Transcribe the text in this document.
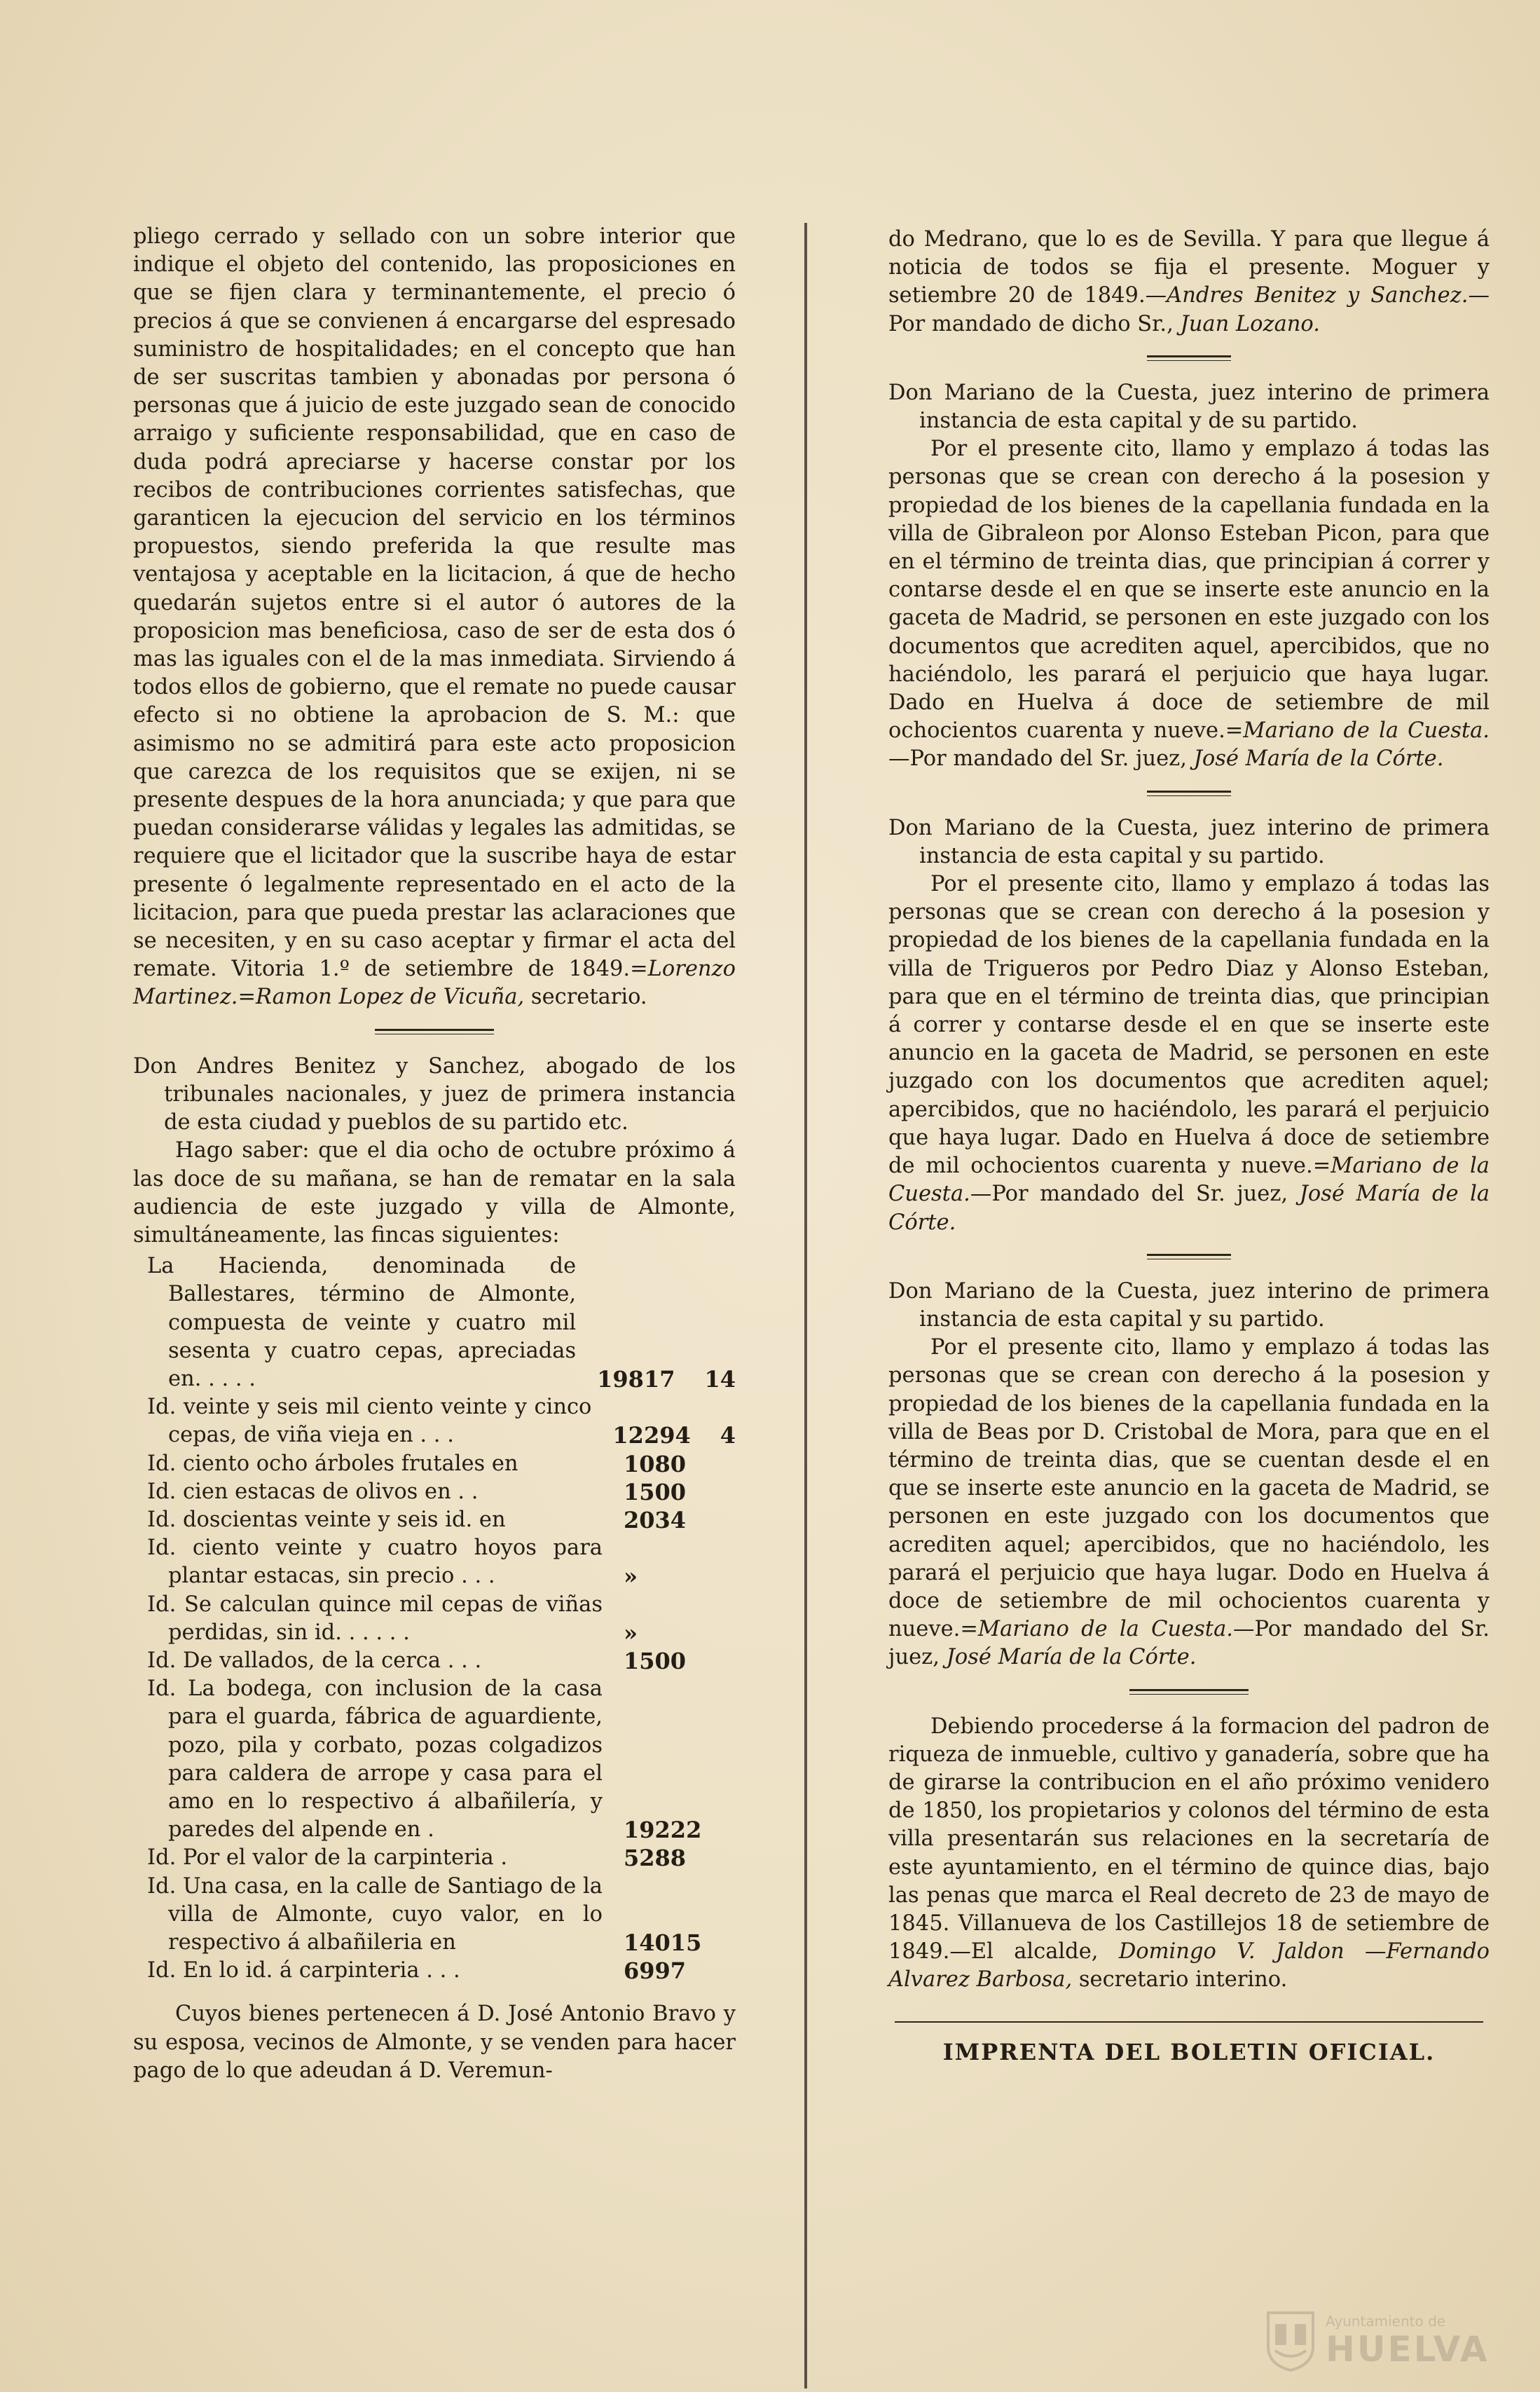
pliego cerrado y sellado con un sobre interior que indique el objeto del contenido, las proposiciones en que se fijen clara y terminantemente, el precio ó precios á que se convienen á encargarse del espresado suministro de hospitalidades; en el concepto que han de ser suscritas tambien y abonadas por persona ó personas que á juicio de este juzgado sean de conocido arraigo y suficiente responsabilidad, que en caso de duda podrá apreciarse y hacerse constar por los recibos de contribuciones corrientes satisfechas, que garanticen la ejecucion del servicio en los términos propuestos, siendo preferida la que resulte mas ventajosa y aceptable en la licitacion, á que de hecho quedarán sujetos entre si el autor ó autores de la proposicion mas beneficiosa, caso de ser de esta dos ó mas las iguales con el de la mas inmediata. Sirviendo á todos ellos de gobierno, que el remate no puede causar efecto si no obtiene la aprobacion de S. M.: que asimismo no se admitirá para este acto proposicion que carezca de los requisitos que se exijen, ni se presente despues de la hora anunciada; y que para que puedan considerarse válidas y legales las admitidas, se requiere que el licitador que la suscribe haya de estar presente ó legalmente representado en el acto de la licitacion, para que pueda prestar las aclaraciones que se necesiten, y en su caso aceptar y firmar el acta del remate. Vitoria 1.º de setiembre de 1849.=Lorenzo Martinez.=Ramon Lopez de Vicuña, secretario.

Don Andres Benitez y Sanchez, abogado de los tribunales nacionales, y juez de primera instancia de esta ciudad y pueblos de su partido etc.

Hago saber: que el dia ocho de octubre próximo á las doce de su mañana, se han de rematar en la sala audiencia de este juzgado y villa de Almonte, simultáneamente, las fincas siguientes:

La Hacienda, denominada de Ballestares, término de Almonte, compuesta de veinte y cuatro mil sesenta y cuatro cepas, apreciadas en. . . . .	19817 14
Id. veinte y seis mil ciento veinte y cinco cepas, de viña vieja en . . .	12294 4
Id. ciento ocho árboles frutales en	1080
Id. cien estacas de olivos en . .	1500
Id. doscientas veinte y seis id. en	2034
Id. ciento veinte y cuatro hoyos para plantar estacas, sin precio . . .	»
Id. Se calculan quince mil cepas de viñas perdidas, sin id. . . . . .	»
Id. De vallados, de la cerca . . .	1500
Id. La bodega, con inclusion de la casa para el guarda, fábrica de aguardiente, pozo, pila y corbato, pozas colgadizos para caldera de arrope y casa para el amo en lo respectivo á albañilería, y paredes del alpende en .	19222
Id. Por el valor de la carpinteria .	5288
Id. Una casa, en la calle de Santiago de la villa de Almonte, cuyo valor, en lo respectivo á albañileria en	14015
Id. En lo id. á carpinteria . . .	6997

Cuyos bienes pertenecen á D. José Antonio Bravo y su esposa, vecinos de Almonte, y se venden para hacer pago de lo que adeudan á D. Veremun-

do Medrano, que lo es de Sevilla. Y para que llegue á noticia de todos se fija el presente. Moguer y setiembre 20 de 1849.—Andres Benitez y Sanchez.—Por mandado de dicho Sr., Juan Lozano.

Don Mariano de la Cuesta, juez interino de primera instancia de esta capital y de su partido.

Por el presente cito, llamo y emplazo á todas las personas que se crean con derecho á la posesion y propiedad de los bienes de la capellania fundada en la villa de Gibraleon por Alonso Esteban Picon, para que en el término de treinta dias, que principian á correr y contarse desde el en que se inserte este anuncio en la gaceta de Madrid, se personen en este juzgado con los documentos que acrediten aquel, apercibidos, que no haciéndolo, les parará el perjuicio que haya lugar. Dado en Huelva á doce de setiembre de mil ochocientos cuarenta y nueve.=Mariano de la Cuesta.—Por mandado del Sr. juez, José María de la Córte.

Don Mariano de la Cuesta, juez interino de primera instancia de esta capital y su partido.

Por el presente cito, llamo y emplazo á todas las personas que se crean con derecho á la posesion y propiedad de los bienes de la capellania fundada en la villa de Trigueros por Pedro Diaz y Alonso Esteban, para que en el término de treinta dias, que principian á correr y contarse desde el en que se inserte este anuncio en la gaceta de Madrid, se personen en este juzgado con los documentos que acrediten aquel; apercibidos, que no haciéndolo, les parará el perjuicio que haya lugar. Dado en Huelva á doce de setiembre de mil ochocientos cuarenta y nueve.=Mariano de la Cuesta.—Por mandado del Sr. juez, José María de la Córte.

Don Mariano de la Cuesta, juez interino de primera instancia de esta capital y su partido.

Por el presente cito, llamo y emplazo á todas las personas que se crean con derecho á la posesion y propiedad de los bienes de la capellania fundada en la villa de Beas por D. Cristobal de Mora, para que en el término de treinta dias, que se cuentan desde el en que se inserte este anuncio en la gaceta de Madrid, se personen en este juzgado con los documentos que acrediten aquel; apercibidos, que no haciéndolo, les parará el perjuicio que haya lugar. Dodo en Huelva á doce de setiembre de mil ochocientos cuarenta y nueve.=Mariano de la Cuesta.—Por mandado del Sr. juez, José María de la Córte.

Debiendo procederse á la formacion del padron de riqueza de inmueble, cultivo y ganadería, sobre que ha de girarse la contribucion en el año próximo venidero de 1850, los propietarios y colonos del término de esta villa presentarán sus relaciones en la secretaría de este ayuntamiento, en el término de quince dias, bajo las penas que marca el Real decreto de 23 de mayo de 1845. Villanueva de los Castillejos 18 de setiembre de 1849.—El alcalde, Domingo V. Jaldon —Fernando Alvarez Barbosa, secretario interino.

IMPRENTA DEL BOLETIN OFICIAL.

Ayuntamiento de
HUELVA
